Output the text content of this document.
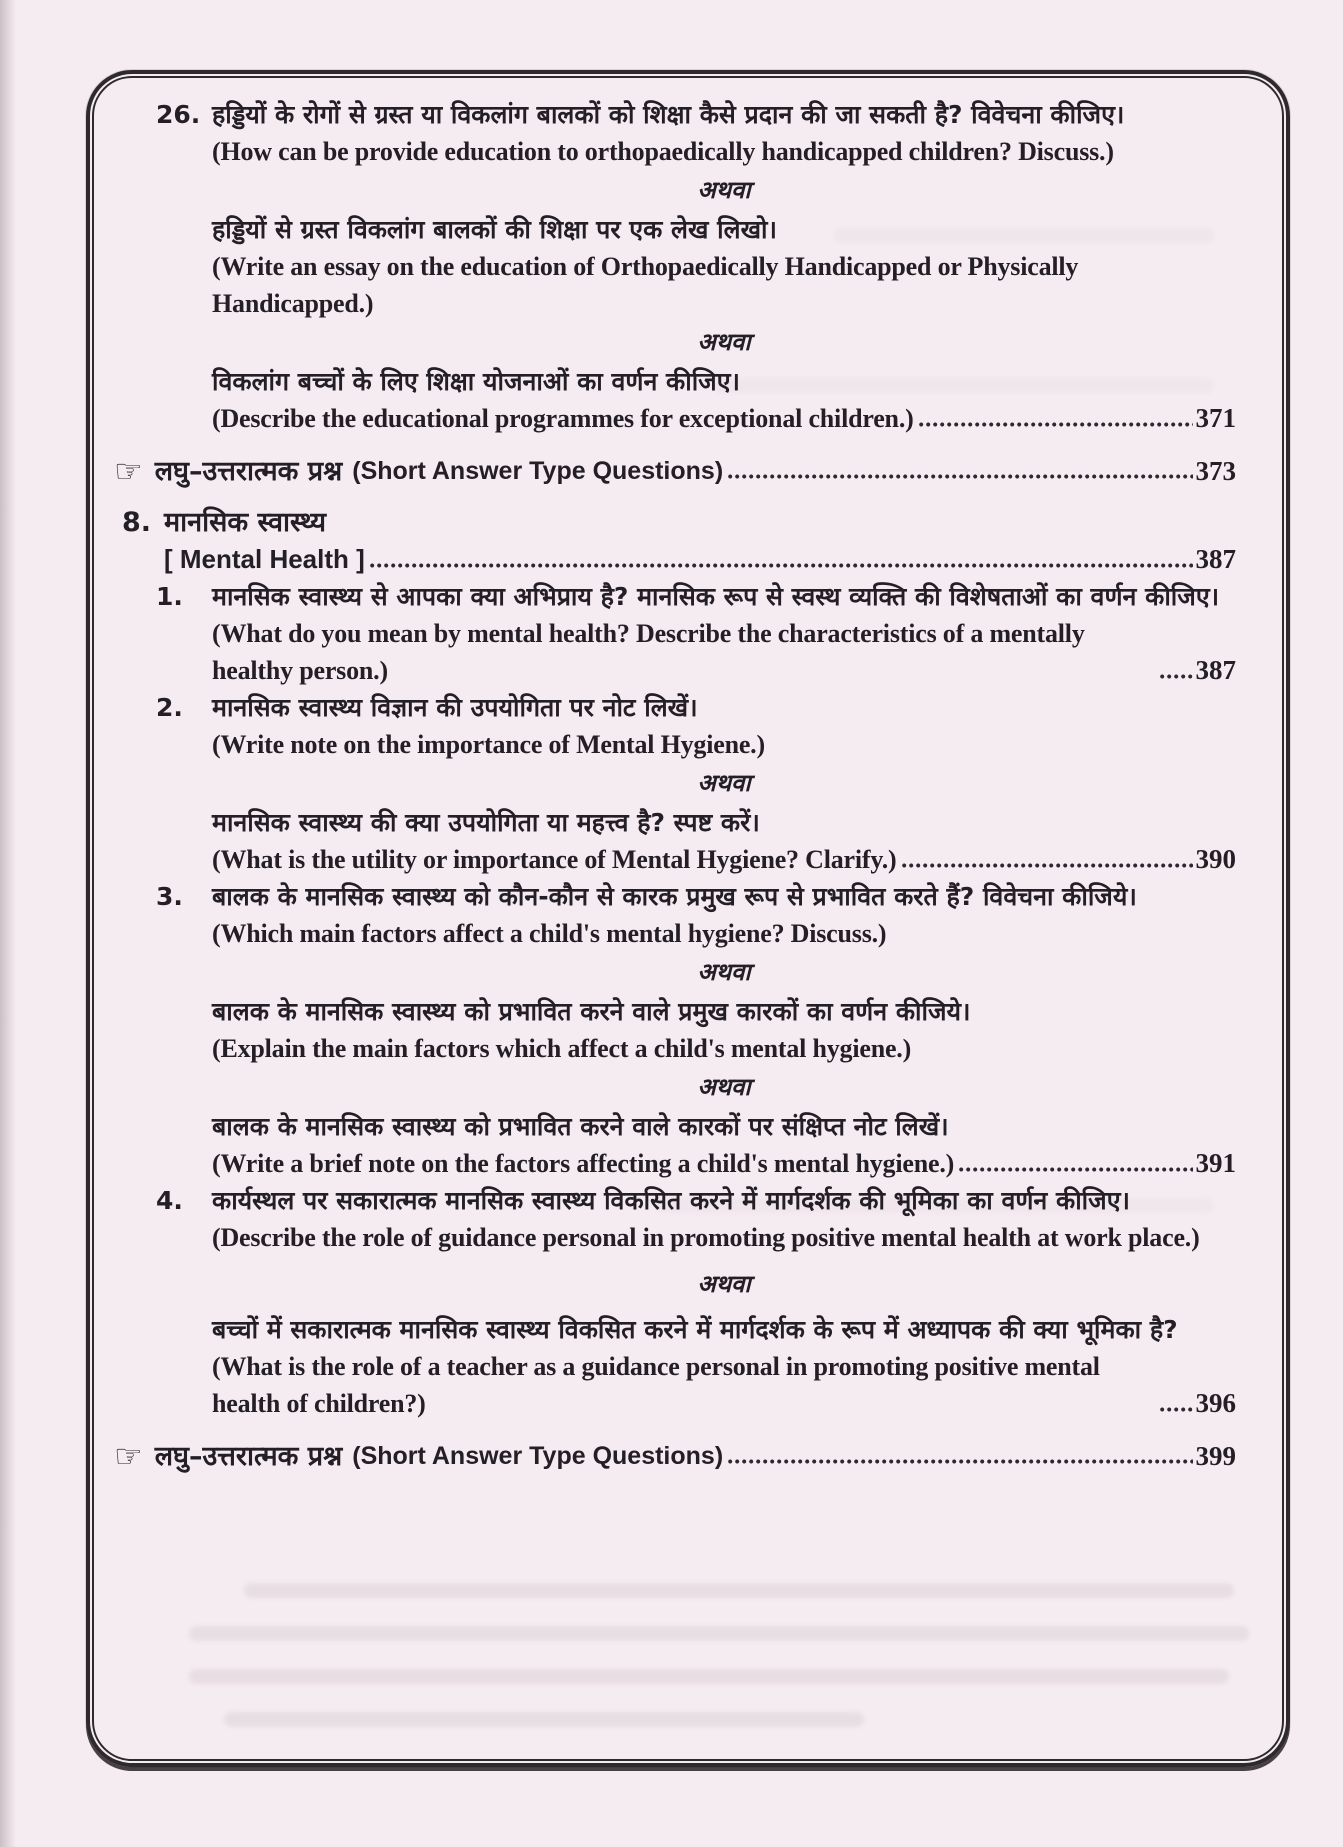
26. हड्डियों के रोगों से ग्रस्त या विकलांग बालकों को शिक्षा कैसे प्रदान की जा सकती है? विवेचना कीजिए।
(How can be provide education to orthopaedically handicapped children? Discuss.)
अथवा
हड्डियों से ग्रस्त विकलांग बालकों की शिक्षा पर एक लेख लिखो।
(Write an essay on the education of Orthopaedically Handicapped or Physically Handicapped.)
अथवा
विकलांग बच्चों के लिए शिक्षा योजनाओं का वर्णन कीजिए।
(Describe the educational programmes for exceptional children.)	371
☞ लघु–उत्तरात्मक प्रश्न (Short Answer Type Questions)	373
8. मानसिक स्वास्थ्य
[ Mental Health ]	387
1. मानसिक स्वास्थ्य से आपका क्या अभिप्राय है? मानसिक रूप से स्वस्थ व्यक्ति की विशेषताओं का वर्णन कीजिए।
(What do you mean by mental health? Describe the characteristics of a mentally healthy person.)	387
2. मानसिक स्वास्थ्य विज्ञान की उपयोगिता पर नोट लिखें।
(Write note on the importance of Mental Hygiene.)
अथवा
मानसिक स्वास्थ्य की क्या उपयोगिता या महत्त्व है? स्पष्ट करें।
(What is the utility or importance of Mental Hygiene? Clarify.)	390
3. बालक के मानसिक स्वास्थ्य को कौन-कौन से कारक प्रमुख रूप से प्रभावित करते हैं? विवेचना कीजिये।
(Which main factors affect a child's mental hygiene? Discuss.)
अथवा
बालक के मानसिक स्वास्थ्य को प्रभावित करने वाले प्रमुख कारकों का वर्णन कीजिये।
(Explain the main factors which affect a child's mental hygiene.)
अथवा
बालक के मानसिक स्वास्थ्य को प्रभावित करने वाले कारकों पर संक्षिप्त नोट लिखें।
(Write a brief note on the factors affecting a child's mental hygiene.)	391
4. कार्यस्थल पर सकारात्मक मानसिक स्वास्थ्य विकसित करने में मार्गदर्शक की भूमिका का वर्णन कीजिए।
(Describe the role of guidance personal in promoting positive mental health at work place.)
अथवा
बच्चों में सकारात्मक मानसिक स्वास्थ्य विकसित करने में मार्गदर्शक के रूप में अध्यापक की क्या भूमिका है?
(What is the role of a teacher as a guidance personal in promoting positive mental health of children?)	396
☞ लघु–उत्तरात्मक प्रश्न (Short Answer Type Questions)	399
